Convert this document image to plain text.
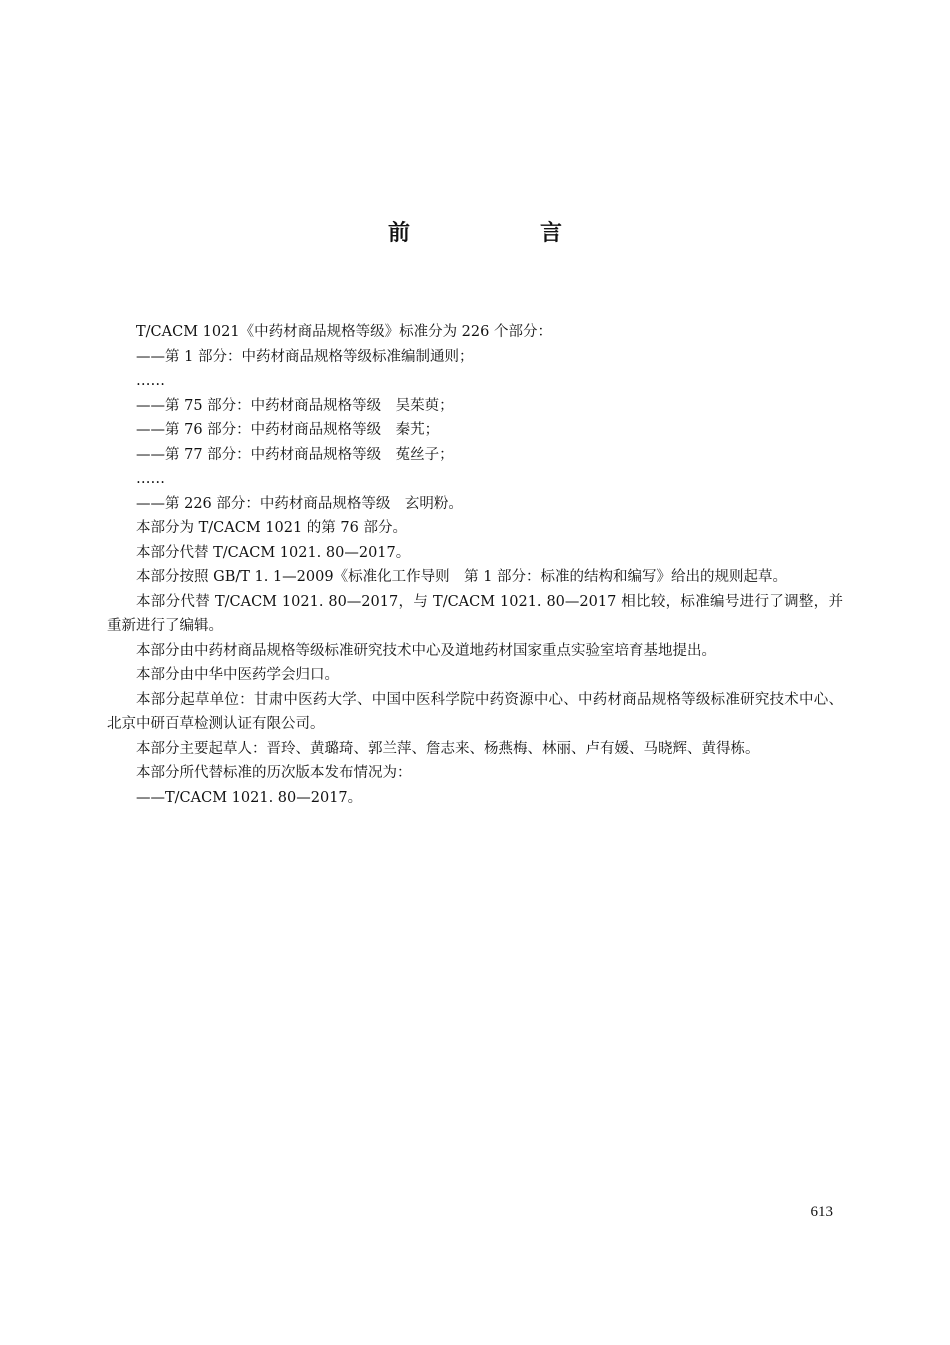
前　言

T/CACM 1021《中药材商品规格等级》标准分为 226 个部分：

——第 1 部分：中药材商品规格等级标准编制通则；

……

——第 75 部分：中药材商品规格等级　吴茱萸；

——第 76 部分：中药材商品规格等级　秦艽；

——第 77 部分：中药材商品规格等级　菟丝子；

……

——第 226 部分：中药材商品规格等级　玄明粉。

本部分为 T/CACM 1021 的第 76 部分。

本部分代替 T/CACM 1021. 80—2017。

本部分按照 GB/T 1. 1—2009《标准化工作导则　第 1 部分：标准的结构和编写》给出的规则起草。

本部分代替 T/CACM 1021. 80—2017，与 T/CACM 1021. 80—2017 相比较，标准编号进行了调整，并重新进行了编辑。

本部分由中药材商品规格等级标准研究技术中心及道地药材国家重点实验室培育基地提出。

本部分由中华中医药学会归口。

本部分起草单位：甘肃中医药大学、中国中医科学院中药资源中心、中药材商品规格等级标准研究技术中心、北京中研百草检测认证有限公司。

本部分主要起草人：晋玲、黄璐琦、郭兰萍、詹志来、杨燕梅、林丽、卢有媛、马晓辉、黄得栋。

本部分所代替标准的历次版本发布情况为：

——T/CACM 1021. 80—2017。

613
